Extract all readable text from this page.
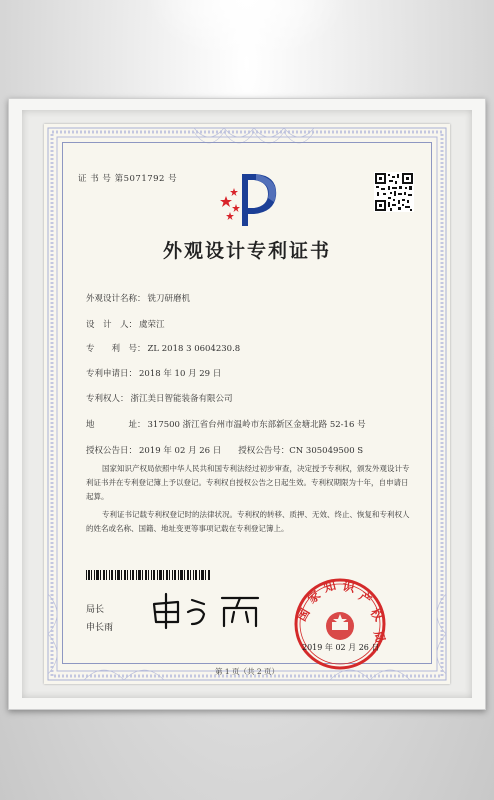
证 书 号 第5071792 号
外观设计专利证书
外观设计名称： 铣刀研磨机
设　计　人： 虞荣江
专　　利　号： ZL 2018 3 0604230.8
专利申请日： 2018 年 10 月 29 日
专利权人： 浙江美日智能装备有限公司
地　　　　址： 317500 浙江省台州市温岭市东部新区金塘北路 52-16 号
授权公告日： 2019 年 02 月 26 日　　授权公告号：CN 305049500 S
国家知识产权局依照中华人民共和国专利法经过初步审查，决定授予专利权，颁发外观设计专利证书并在专利登记簿上予以登记。专利权自授权公告之日起生效。专利权期限为十年，自申请日起算。
专利证书记载专利权登记时的法律状况。专利权的转移、质押、无效、终止、恢复和专利权人的姓名或名称、国籍、地址变更等事项记载在专利登记簿上。
局长
申长雨
国
家
知 识
产
权
局
2019 年 02 月 26 日
第 1 页（共 2 页）
